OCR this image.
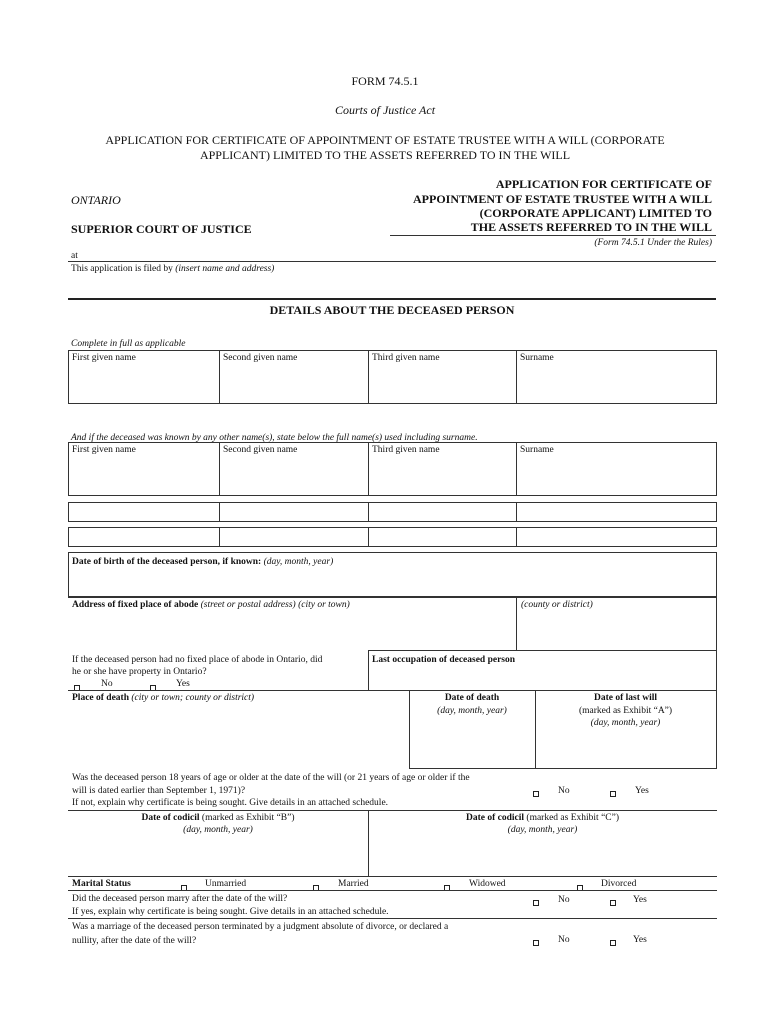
FORM 74.5.1
Courts of Justice Act
APPLICATION FOR CERTIFICATE OF APPOINTMENT OF ESTATE TRUSTEE WITH A WILL (CORPORATE
APPLICANT) LIMITED TO THE ASSETS REFERRED TO IN THE WILL
ONTARIO
SUPERIOR COURT OF JUSTICE
APPLICATION FOR CERTIFICATE OF
APPOINTMENT OF ESTATE TRUSTEE WITH A WILL
(CORPORATE APPLICANT) LIMITED TO
THE ASSETS REFERRED TO IN THE WILL
(Form 74.5.1 Under the Rules)
at
This application is filed by (insert name and address)
DETAILS ABOUT THE DECEASED PERSON
Complete in full as applicable
First given name	Second given name	Third given name	Surname
And if the deceased was known by any other name(s), state below the full name(s) used including surname.
First given name	Second given name	Third given name	Surname
Date of birth of the deceased person, if known: (day, month, year)
Address of fixed place of abode (street or postal address) (city or town)	(county or district)
If the deceased person had no fixed place of abode in Ontario, did
he or she have property in Ontario?
No	Yes
Last occupation of deceased person
Place of death (city or town; county or district)	Date of death
(day, month, year)
Date of last will
(marked as Exhibit “A”)
(day, month, year)
Was the deceased person 18 years of age or older at the date of the will (or 21 years of age or older if the
will is dated earlier than September 1, 1971)?
If not, explain why certificate is being sought. Give details in an attached schedule.
No	Yes
Date of codicil (marked as Exhibit “B”)
(day, month, year)
Date of codicil (marked as Exhibit “C”)
(day, month, year)
Marital Status	Unmarried	Married	Widowed	Divorced
Did the deceased person marry after the date of the will?
If yes, explain why certificate is being sought. Give details in an attached schedule.
No	Yes
Was a marriage of the deceased person terminated by a judgment absolute of divorce, or declared a
nullity, after the date of the will?	No	Yes
